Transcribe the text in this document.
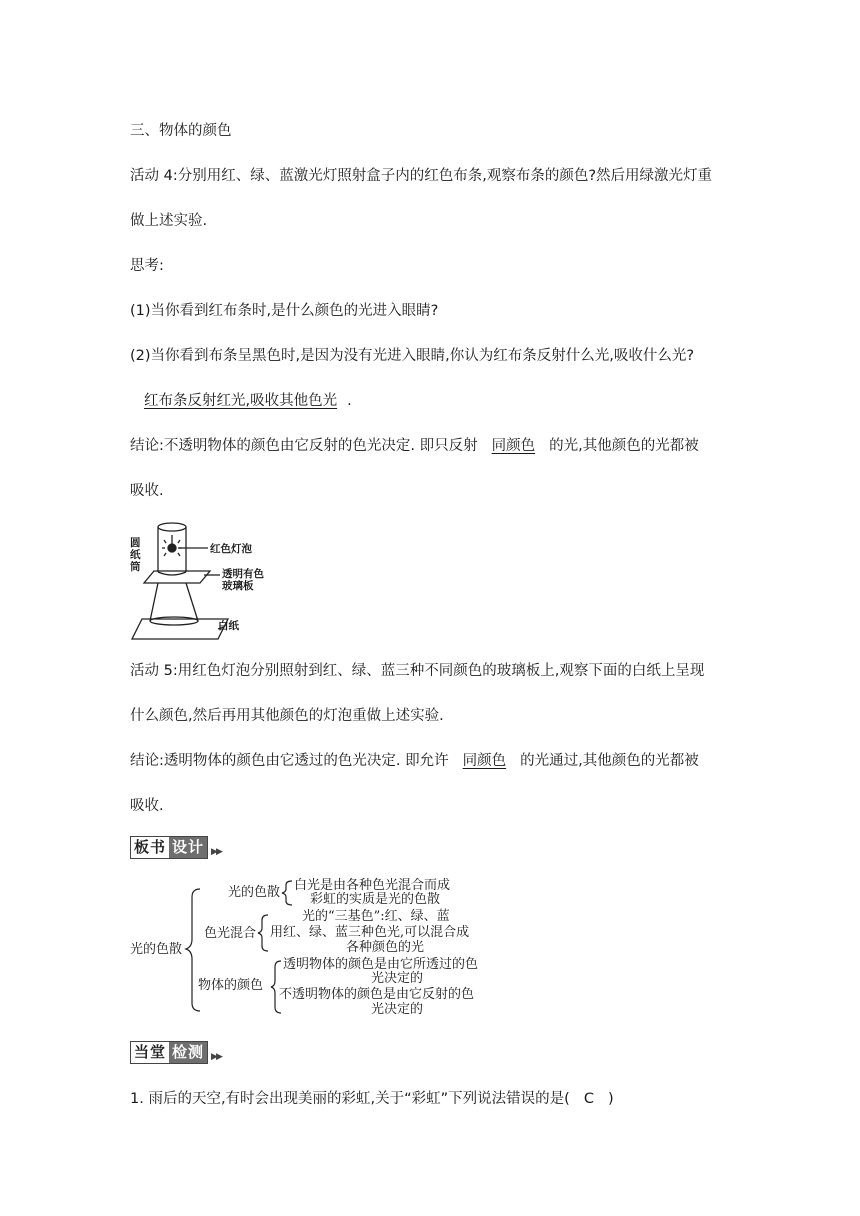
三、物体的颜色
活动 4:分别用红、绿、蓝激光灯照射盒子内的红色布条,观察布条的颜色?然后用绿激光灯重
做上述实验.
思考:
(1)当你看到红布条时,是什么颜色的光进入眼睛?
(2)当你看到布条呈黑色时,是因为没有光进入眼睛,你认为红布条反射什么光,吸收什么光?
红布条反射红光,吸收其他色光 .
结论:不透明物体的颜色由它反射的色光决定. 即只反射 同颜色 的光,其他颜色的光都被
吸收.
圆
纸
筒
红色灯泡
透明有色
玻璃板
白纸
活动 5:用红色灯泡分别照射到红、绿、蓝三种不同颜色的玻璃板上,观察下面的白纸上呈现
什么颜色,然后再用其他颜色的灯泡重做上述实验.
结论:透明物体的颜色由它透过的色光决定. 即允许 同颜色 的光通过,其他颜色的光都被
吸收.
板书 设计 ▶▶
光的色散
光的色散 白光是由各种色光混合而成
彩虹的实质是光的色散
色光混合
光的“三基色”:红、绿、蓝
用红、绿、蓝三种色光,可以混合成
各种颜色的光
物体的颜色
透明物体的颜色是由它所透过的色
光决定的
不透明物体的颜色是由它反射的色
光决定的
当堂 检测 ▶▶
1. 雨后的天空,有时会出现美丽的彩虹,关于“彩虹”下列说法错误的是( C )
